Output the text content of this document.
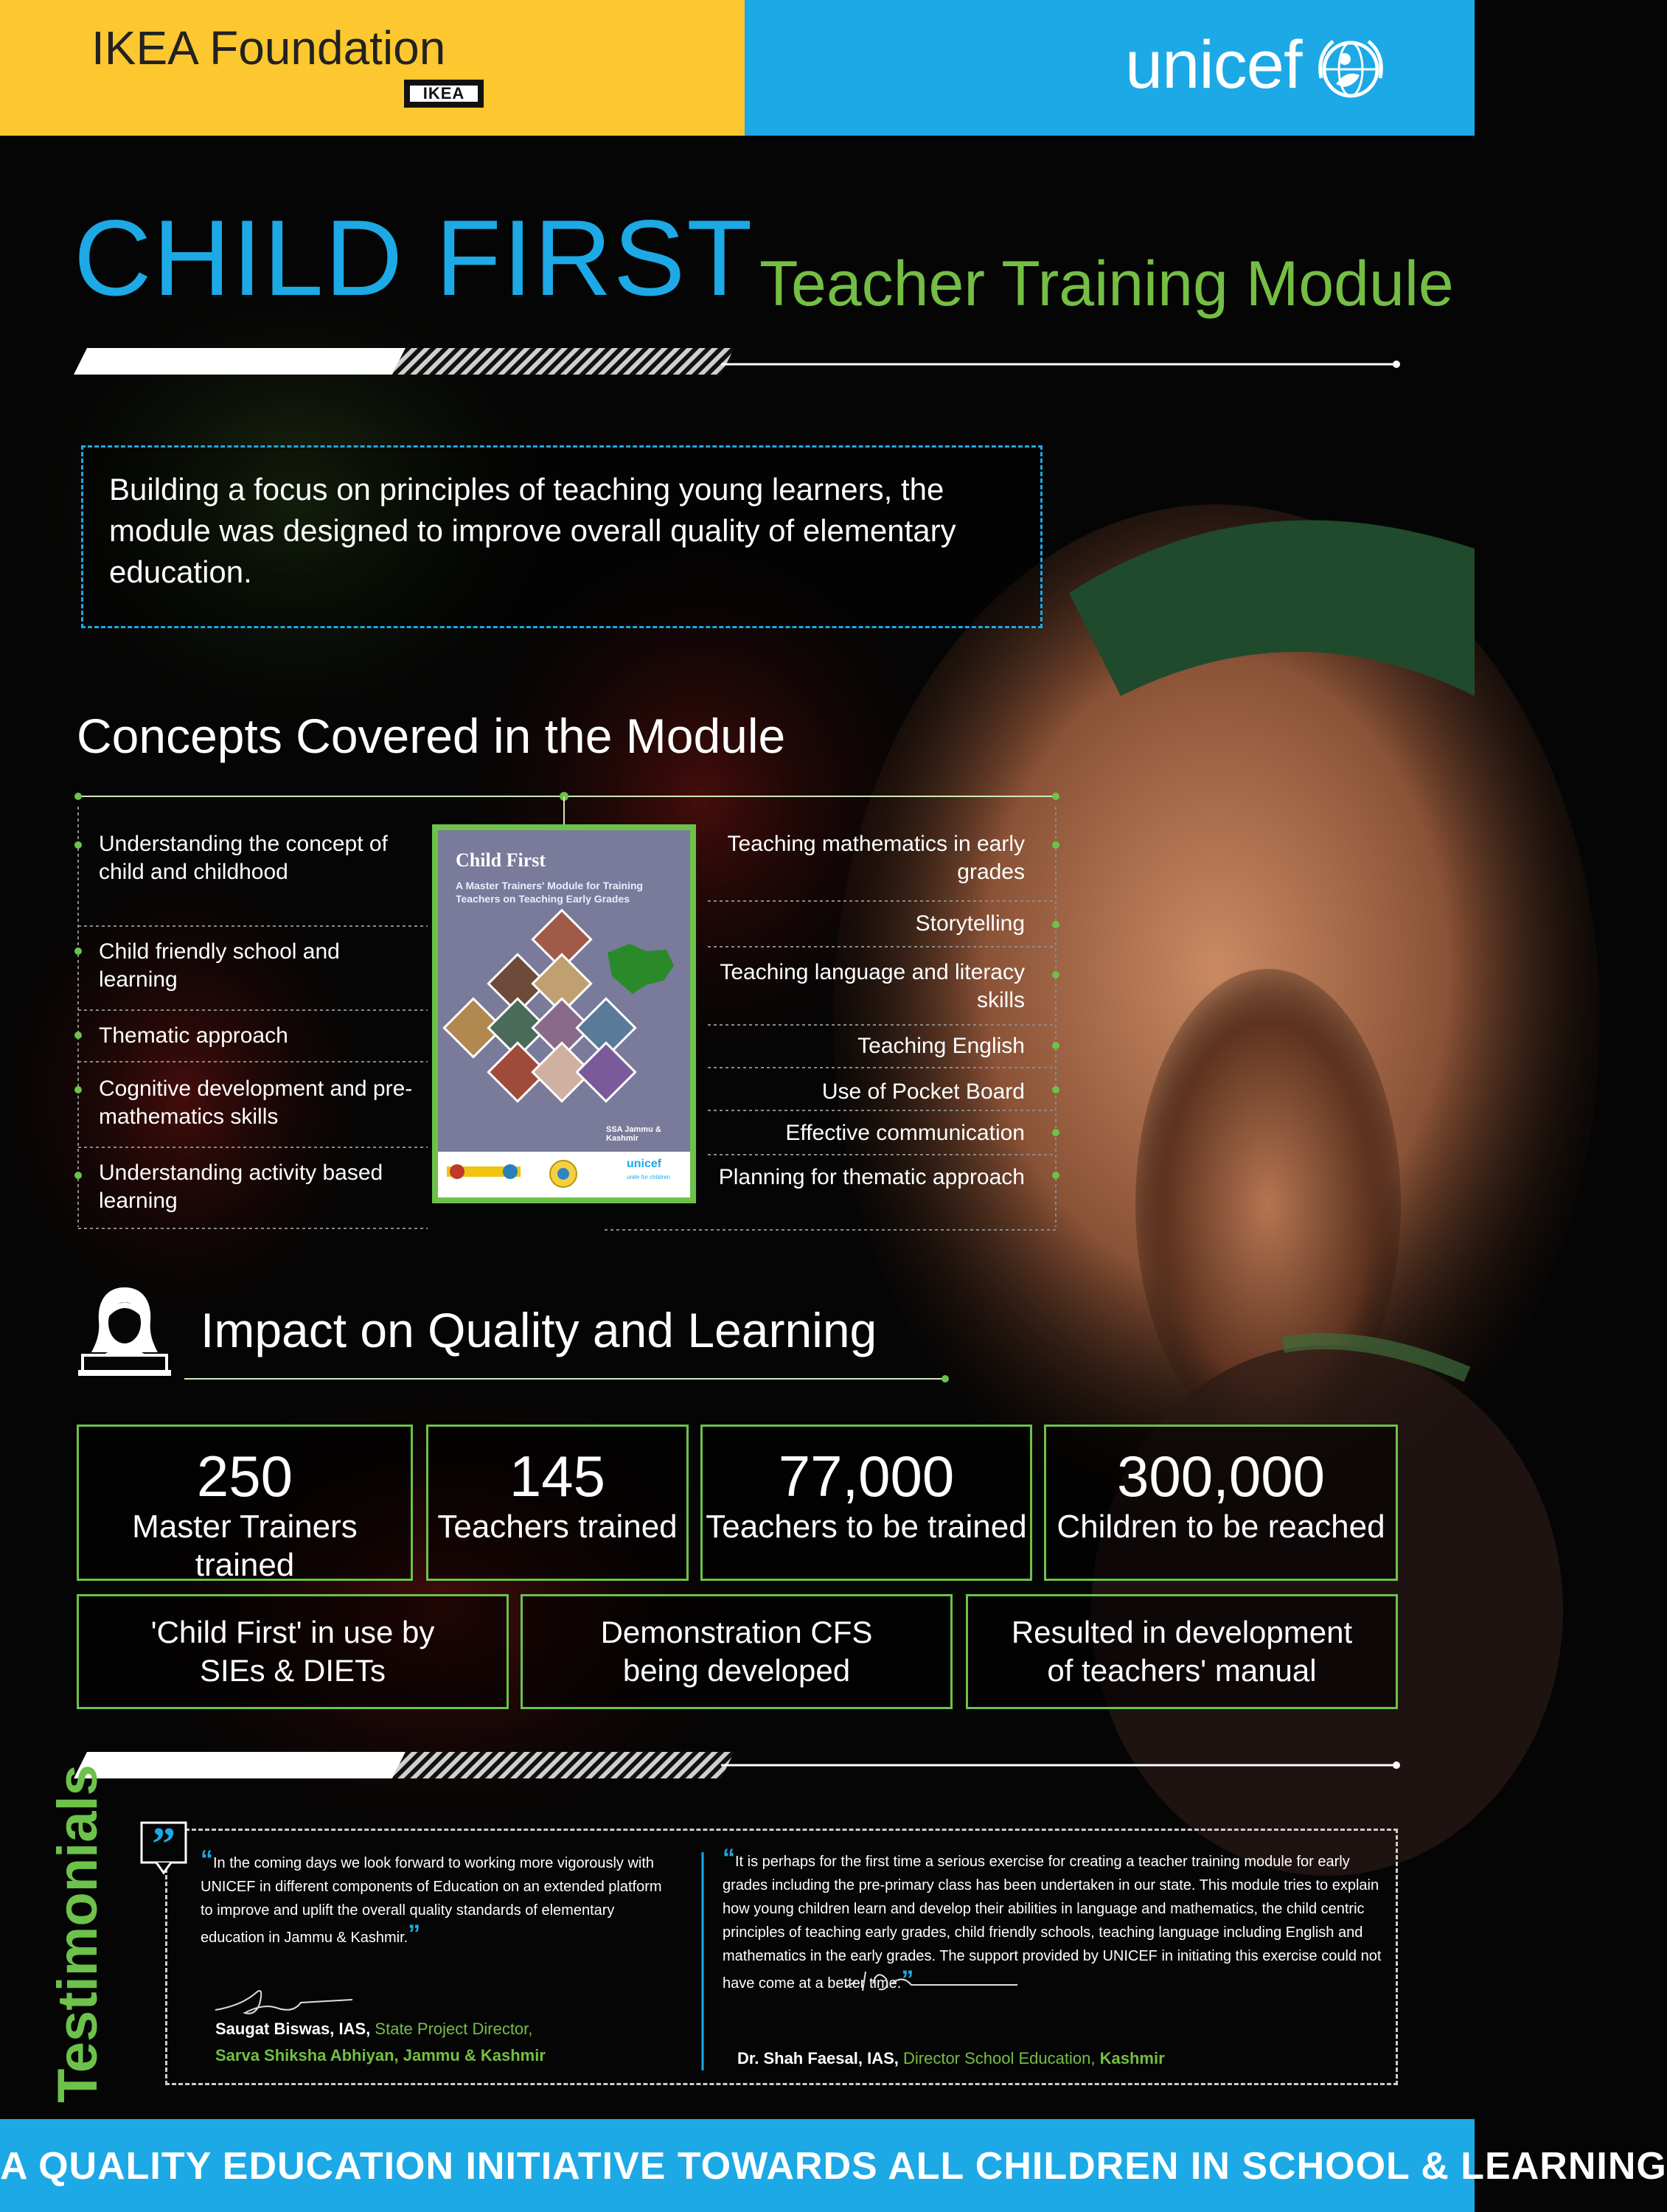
IKEA Foundation
IKEA	unicef
CHILD FIRST Teacher Training Module
Building a focus on principles of teaching young learners, the module was designed to improve overall quality of elementary education.
Concepts Covered in the Module
Understanding the concept of child and childhood
Child friendly school and learning
Thematic approach
Cognitive development and pre-mathematics skills
Understanding activity based learning
Teaching mathematics in early grades
Storytelling
Teaching language and literacy skills
Teaching English
Use of Pocket Board
Effective communication
Planning for thematic approach
Child First
A Master Trainers' Module for Training Teachers on Teaching Early Grades
SSA Jammu & Kashmir
unicef
unite for children
Impact on Quality and Learning
250
Master Trainers trained
145
Teachers trained
77,000
Teachers to be trained
300,000
Children to be reached
'Child First' in use by
SIEs & DIETs
Demonstration CFS
being developed
Resulted in development
of teachers' manual
Testimonials ” “In the coming days we look forward to working more vigorously with UNICEF in different components of Education on an extended platform to improve and uplift the overall quality standards of elementary education in Jammu & Kashmir.”
Saugat Biswas, IAS, State Project Director,
Sarva Shiksha Abhiyan, Jammu & Kashmir
“It is perhaps for the first time a serious exercise for creating a teacher training module for early grades including the pre-primary class has been undertaken in our state. This module tries to explain how young children learn and develop their abilities in language and mathematics, the child centric principles of teaching early grades, child friendly schools, teaching language including English and mathematics in the early grades. The support provided by UNICEF in initiating this exercise could not have come at a better time.”
Dr. Shah Faesal, IAS, Director School Education, Kashmir
A QUALITY EDUCATION INITIATIVE TOWARDS ALL CHILDREN IN SCHOOL & LEARNING
